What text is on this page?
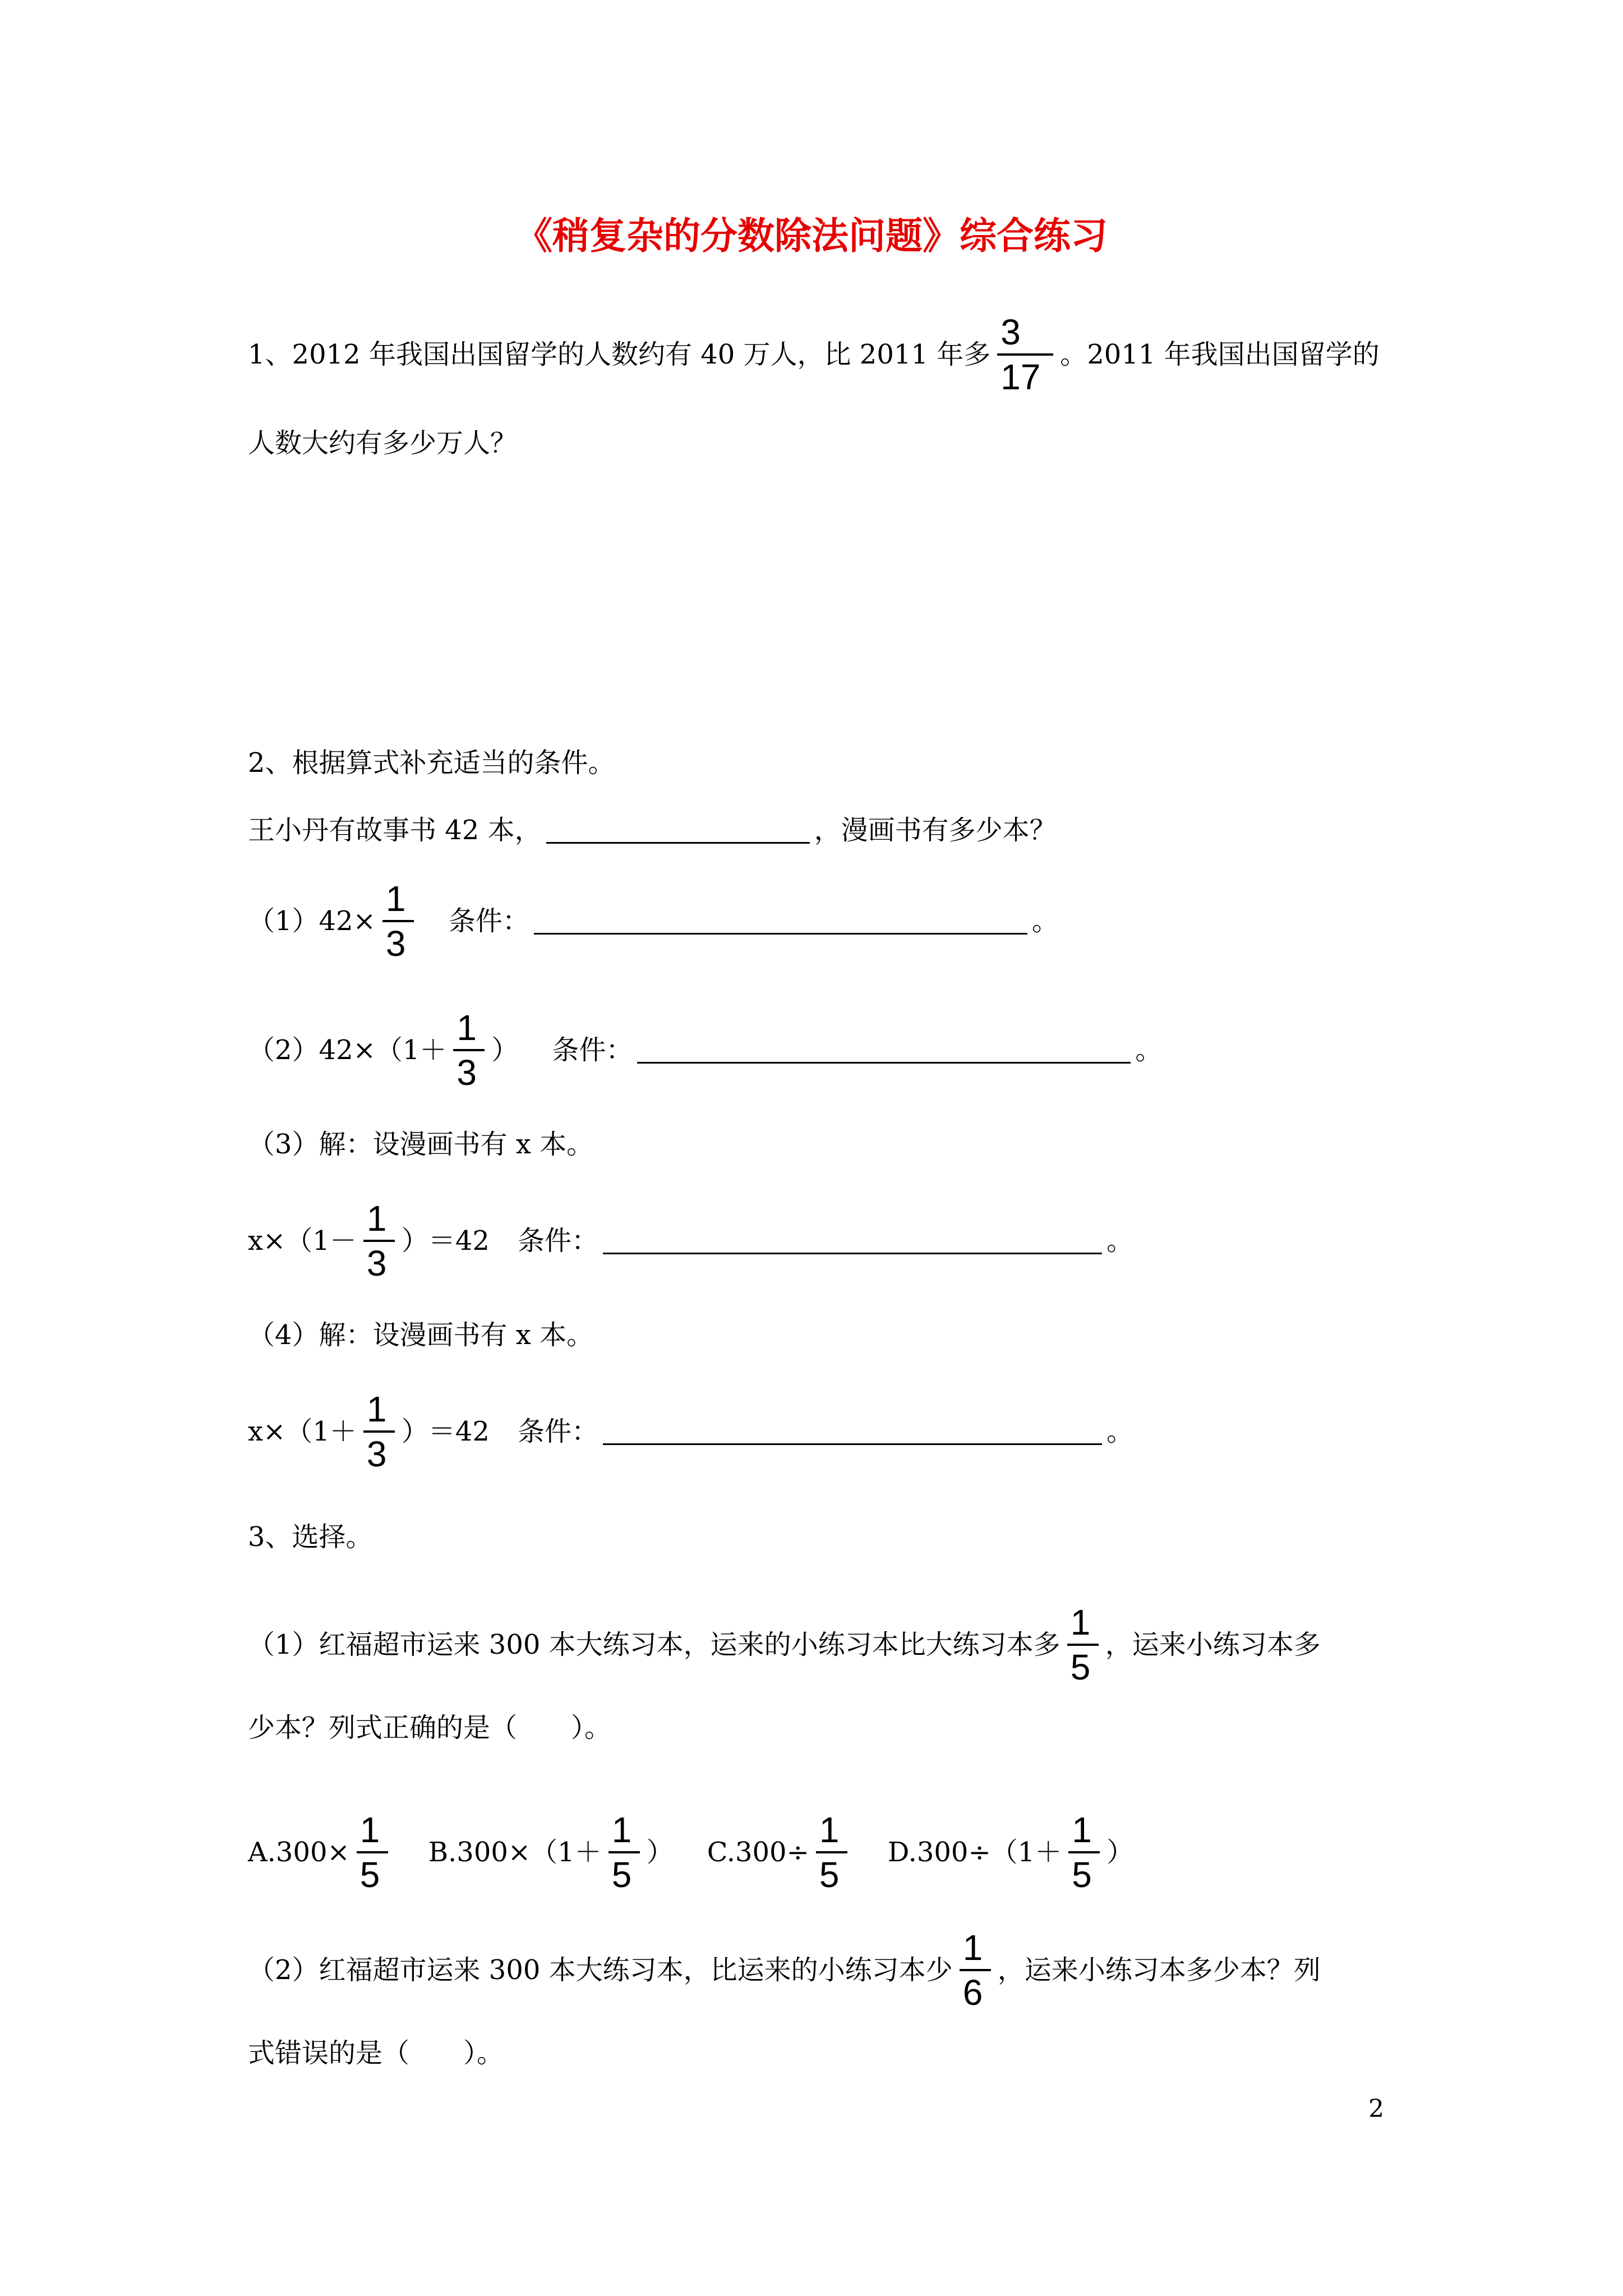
《稍复杂的分数除法问题》综合练习
1、2012 年我国出国留学的人数约有 40 万人，比 2011 年多 $\frac{3}{17}$ 。2011 年我国出国留学的
人数大约有多少万人？
2、根据算式补充适当的条件。
王小丹有故事书 42 本，	，漫画书有多少本？
$(1)42\times \frac{1}{3}$ 条件：	。
$(2)42\times(1+ \frac{1}{3}$ ） 条件：	。
（3）解：设漫画书有 x 本。
$x\times(1- \frac{1}{3} )=42$ 条件：	。
（4）解：设漫画书有 x 本。
$x\times(1+ \frac{1}{3} )=42$ 条件：	。
3、选择。
（1）红福超市运来 300 本大练习本，运来的小练习本比大练习本多 $\frac{1}{5}$ ，运来小练习本多
少本？列式正确的是（　　）。
$A.300\times \frac{1}{5} B.300\times(1+ \frac{1}{5}$ ） $C.300\div \frac{1}{5} D.300\div(1+ \frac{1}{5}$ ）
（2）红福超市运来 300 本大练习本，比运来的小练习本少 $\frac{1}{6}$ ，运来小练习本多少本？列
式错误的是（　　）。
2
